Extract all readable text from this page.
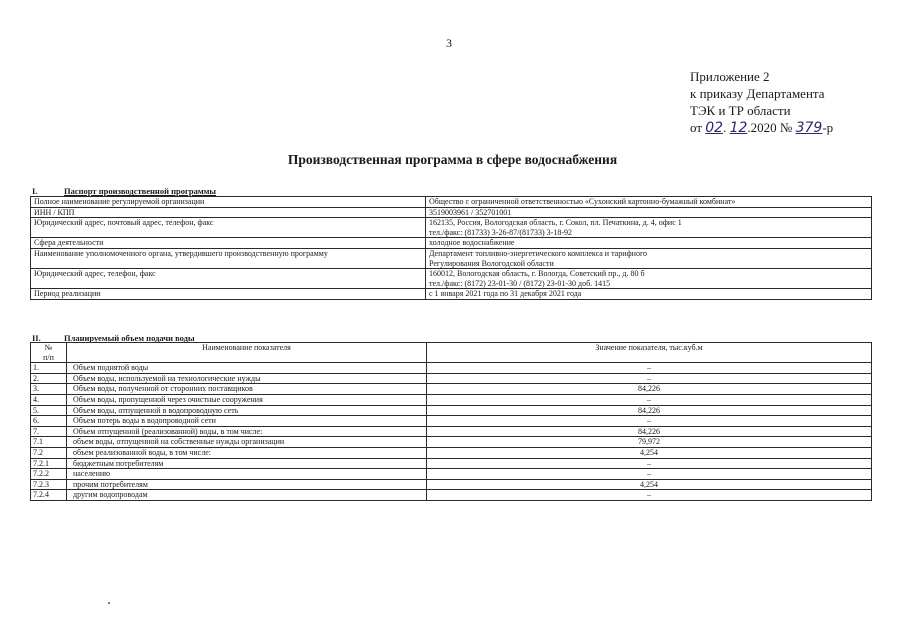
3
Приложение 2
к приказу Департамента
ТЭК и ТР области
от 02. 12.2020 № 379-р
Производственная программа в сфере водоснабжения
I.	Паспорт производственной программы
Полное наименование регулируемой организации	Общество с ограниченной ответственностью «Сухонский картонно-бумажный комбинат»

ИНН / КПП	3519003961 / 352701001

Юридический адрес, почтовый адрес, телефон, факс	162135, Россия, Вологодская область, г. Сокол, пл. Печаткина, д. 4, офис 1
тел./факс: (81733) 3-26-87/(81733) 3-18-92

Сфера деятельности	холодное водоснабжение

Наименование уполномоченного органа, утвердившего производственную программу	Департамент топливно-энергетического комплекса и тарифного
Регулирования Вологодской области

Юридический адрес, телефон, факс	160012, Вологодская область, г. Вологда, Советский пр., д. 80 б
тел./факс: (8172) 23-01-30 / (8172) 23-01-30 доб. 1415

Период реализации	с 1 января 2021 года по 31 декабря 2021 года
II.	Планируемый объем подачи воды
№
п/п	Наименование показателя	Значение показателя, тыс.куб.м
1.	Объем поднятой воды	–
2.	Объем воды, используемой на технологические нужды	–
3.	Объем воды, полученной от сторонних поставщиков	84,226
4.	Объем воды, пропущенной через очистные сооружения	–
5.	Объем воды, отпущенной в водопроводную сеть	84,226
6.	Объем потерь воды в водопроводной сети	–
7.	Объем отпущенной (реализованной) воды, в том числе:	84,226
7.1	объем воды, отпущенной на собственные нужды организации	79,972
7.2	объем реализованной воды, в том числе:	4,254
7.2.1	бюджетным потребителям	–
7.2.2	населению	–
7.2.3	прочим потребителям	4,254
7.2.4	другим водопроводам	–
